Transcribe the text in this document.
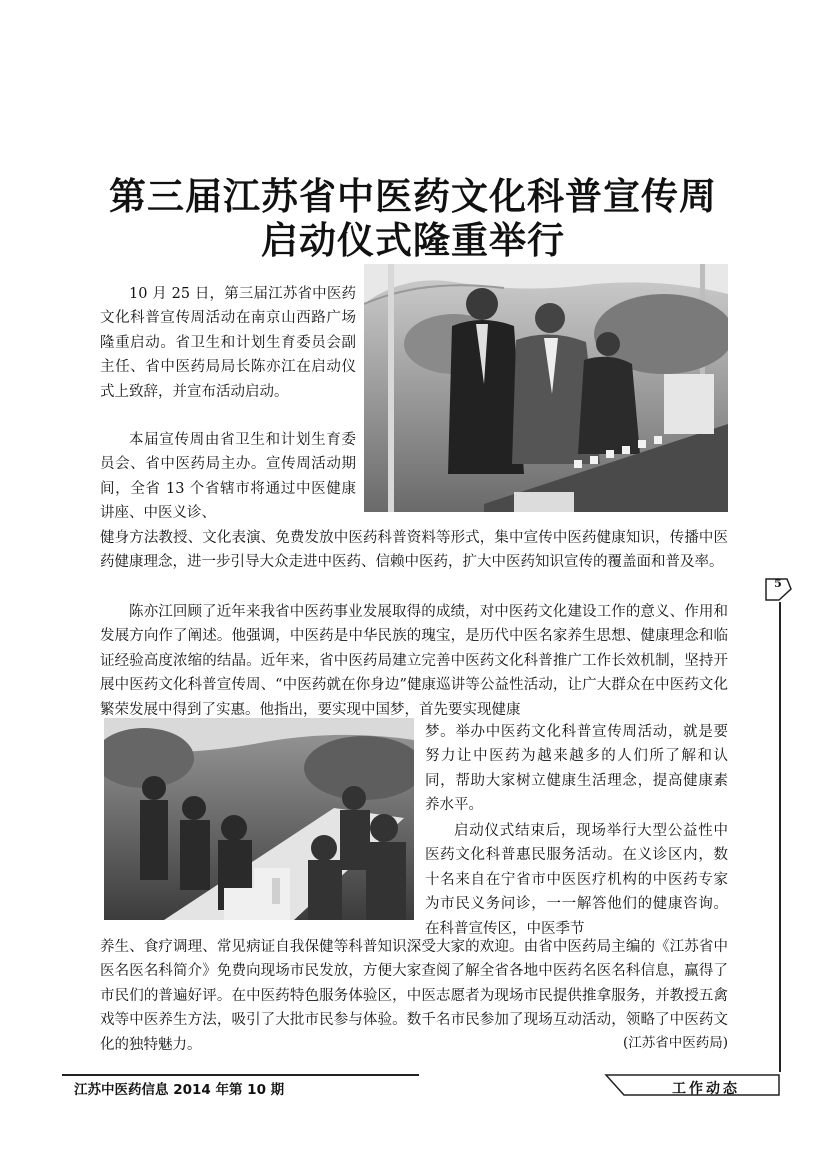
第三届江苏省中医药文化科普宣传周
启动仪式隆重举行

10 月 25 日，第三届江苏省中医药文化科普宣传周活动在南京山西路广场隆重启动。省卫生和计划生育委员会副主任、省中医药局局长陈亦江在启动仪式上致辞，并宣布活动启动。

本届宣传周由省卫生和计划生育委员会、省中医药局主办。宣传周活动期间，全省 13 个省辖市将通过中医健康讲座、中医义诊、

健身方法教授、文化表演、免费发放中医药科普资料等形式，集中宣传中医药健康知识，传播中医药健康理念，进一步引导大众走进中医药、信赖中医药，扩大中医药知识宣传的覆盖面和普及率。

陈亦江回顾了近年来我省中医药事业发展取得的成绩，对中医药文化建设工作的意义、作用和发展方向作了阐述。他强调，中医药是中华民族的瑰宝，是历代中医名家养生思想、健康理念和临证经验高度浓缩的结晶。近年来，省中医药局建立完善中医药文化科普推广工作长效机制，坚持开展中医药文化科普宣传周、“中医药就在你身边”健康巡讲等公益性活动，让广大群众在中医药文化繁荣发展中得到了实惠。他指出，要实现中国梦，首先要实现健康

梦。举办中医药文化科普宣传周活动，就是要努力让中医药为越来越多的人们所了解和认同，帮助大家树立健康生活理念，提高健康素养水平。

启动仪式结束后，现场举行大型公益性中医药文化科普惠民服务活动。在义诊区内，数十名来自在宁省市中医医疗机构的中医药专家为市民义务问诊，一一解答他们的健康咨询。在科普宣传区，中医季节

养生、食疗调理、常见病证自我保健等科普知识深受大家的欢迎。由省中医药局主编的《江苏省中医名医名科简介》免费向现场市民发放，方便大家查阅了解全省各地中医药名医名科信息，赢得了市民们的普遍好评。在中医药特色服务体验区，中医志愿者为现场市民提供推拿服务，并教授五禽戏等中医养生方法，吸引了大批市民参与体验。数千名市民参加了现场互动活动，领略了中医药文化的独特魅力。	(江苏省中医药局)
5
江苏中医药信息 2014 年第 10 期	工作动态
